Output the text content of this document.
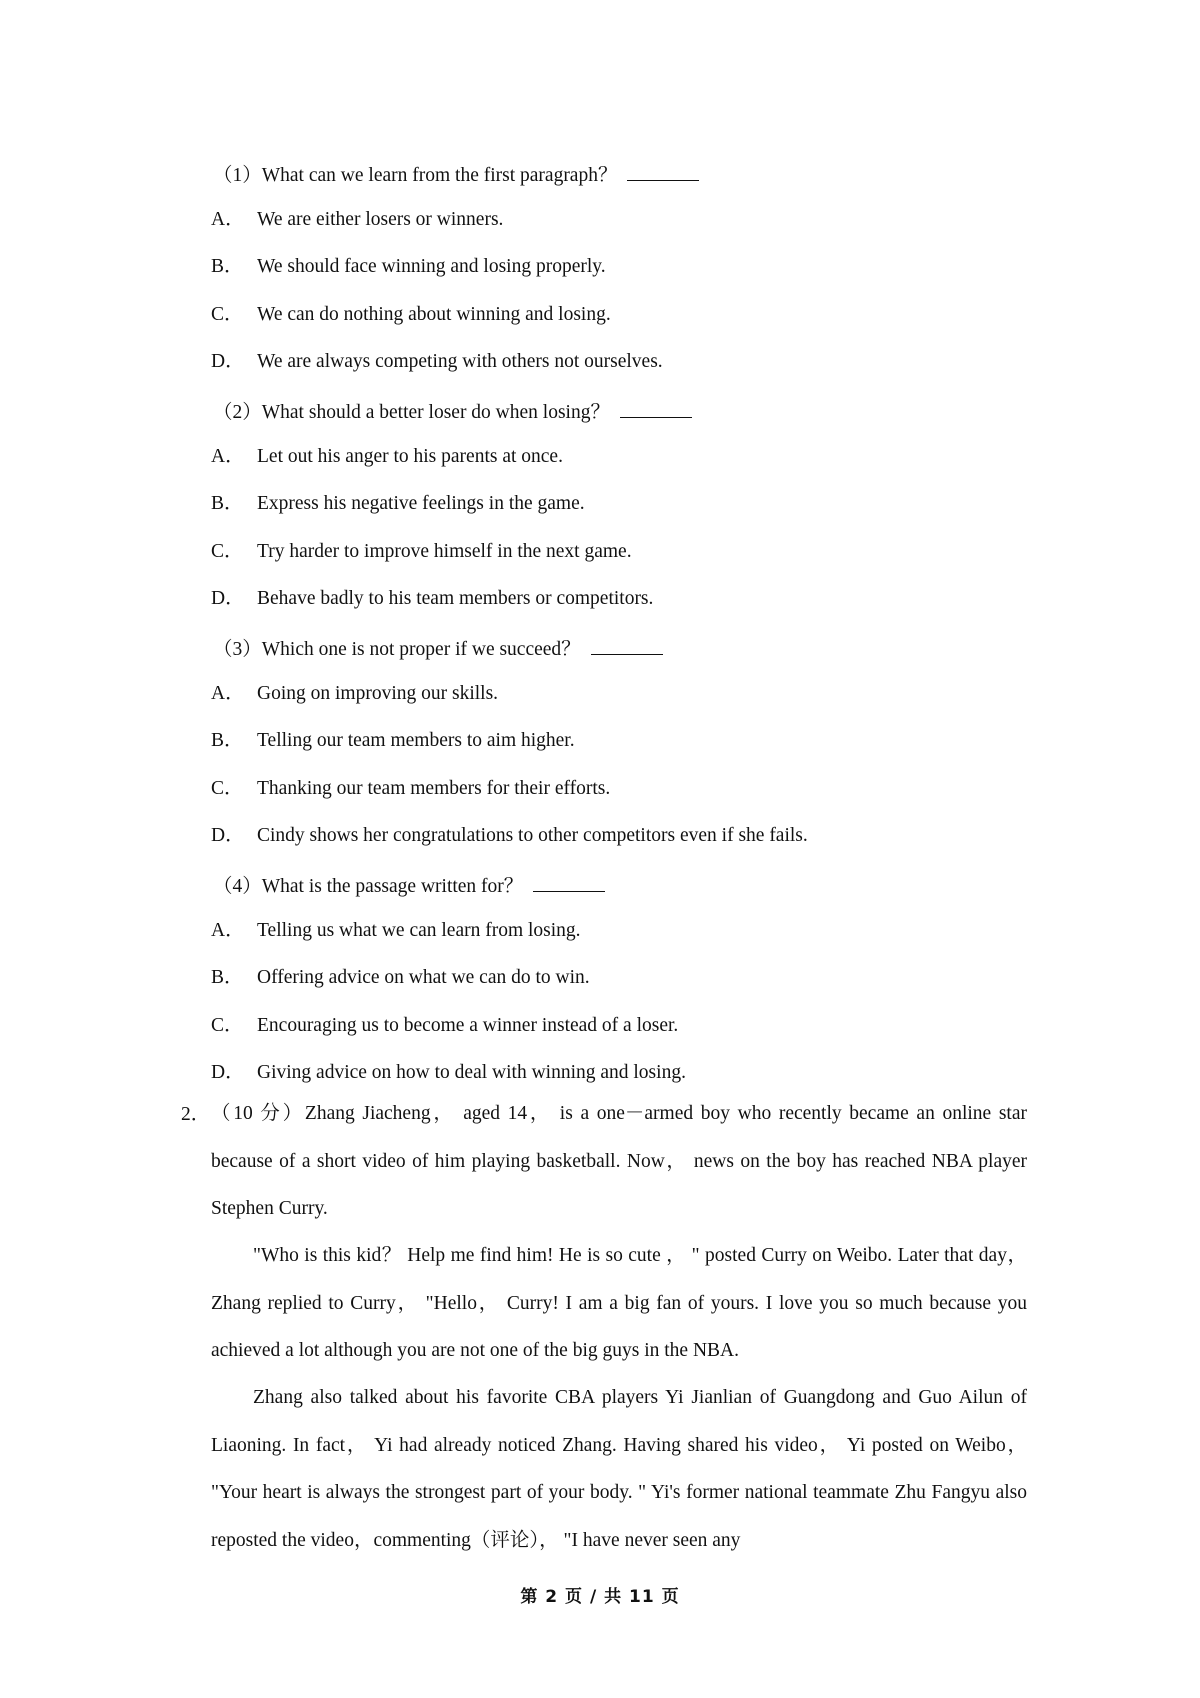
（1）What can we learn from the first paragraph？
A． We are either losers or winners.
B． We should face winning and losing properly.
C． We can do nothing about winning and losing.
D． We are always competing with others not ourselves.
（2）What should a better loser do when losing？
A． Let out his anger to his parents at once.
B． Express his negative feelings in the game.
C． Try harder to improve himself in the next game.
D． Behave badly to his team members or competitors.
（3）Which one is not proper if we succeed？
A． Going on improving our skills.
B． Telling our team members to aim higher.
C． Thanking our team members for their efforts.
D． Cindy shows her congratulations to other competitors even if she fails.
（4）What is the passage written for？
A． Telling us what we can learn from losing.
B． Offering advice on what we can do to win.
C． Encouraging us to become a winner instead of a loser.
D． Giving advice on how to deal with winning and losing.
2． （10 分）Zhang Jiacheng， aged 14， is a one－armed boy who recently became an online star because of a short video of him playing basketball. Now， news on the boy has reached NBA player Stephen Curry.
"Who is this kid？ Help me find him! He is so cute ， " posted Curry on Weibo. Later that day， Zhang replied to Curry， "Hello， Curry! I am a big fan of yours. I love you so much because you achieved a lot although you are not one of the big guys in the NBA.
Zhang also talked about his favorite CBA players Yi Jianlian of Guangdong and Guo Ailun of Liaoning. In fact， Yi had already noticed Zhang. Having shared his video， Yi posted on Weibo， "Your heart is always the strongest part of your body. " Yi's former national teammate Zhu Fangyu also reposted the video，commenting（评论）， "I have never seen any
第 2 页 / 共 11 页
